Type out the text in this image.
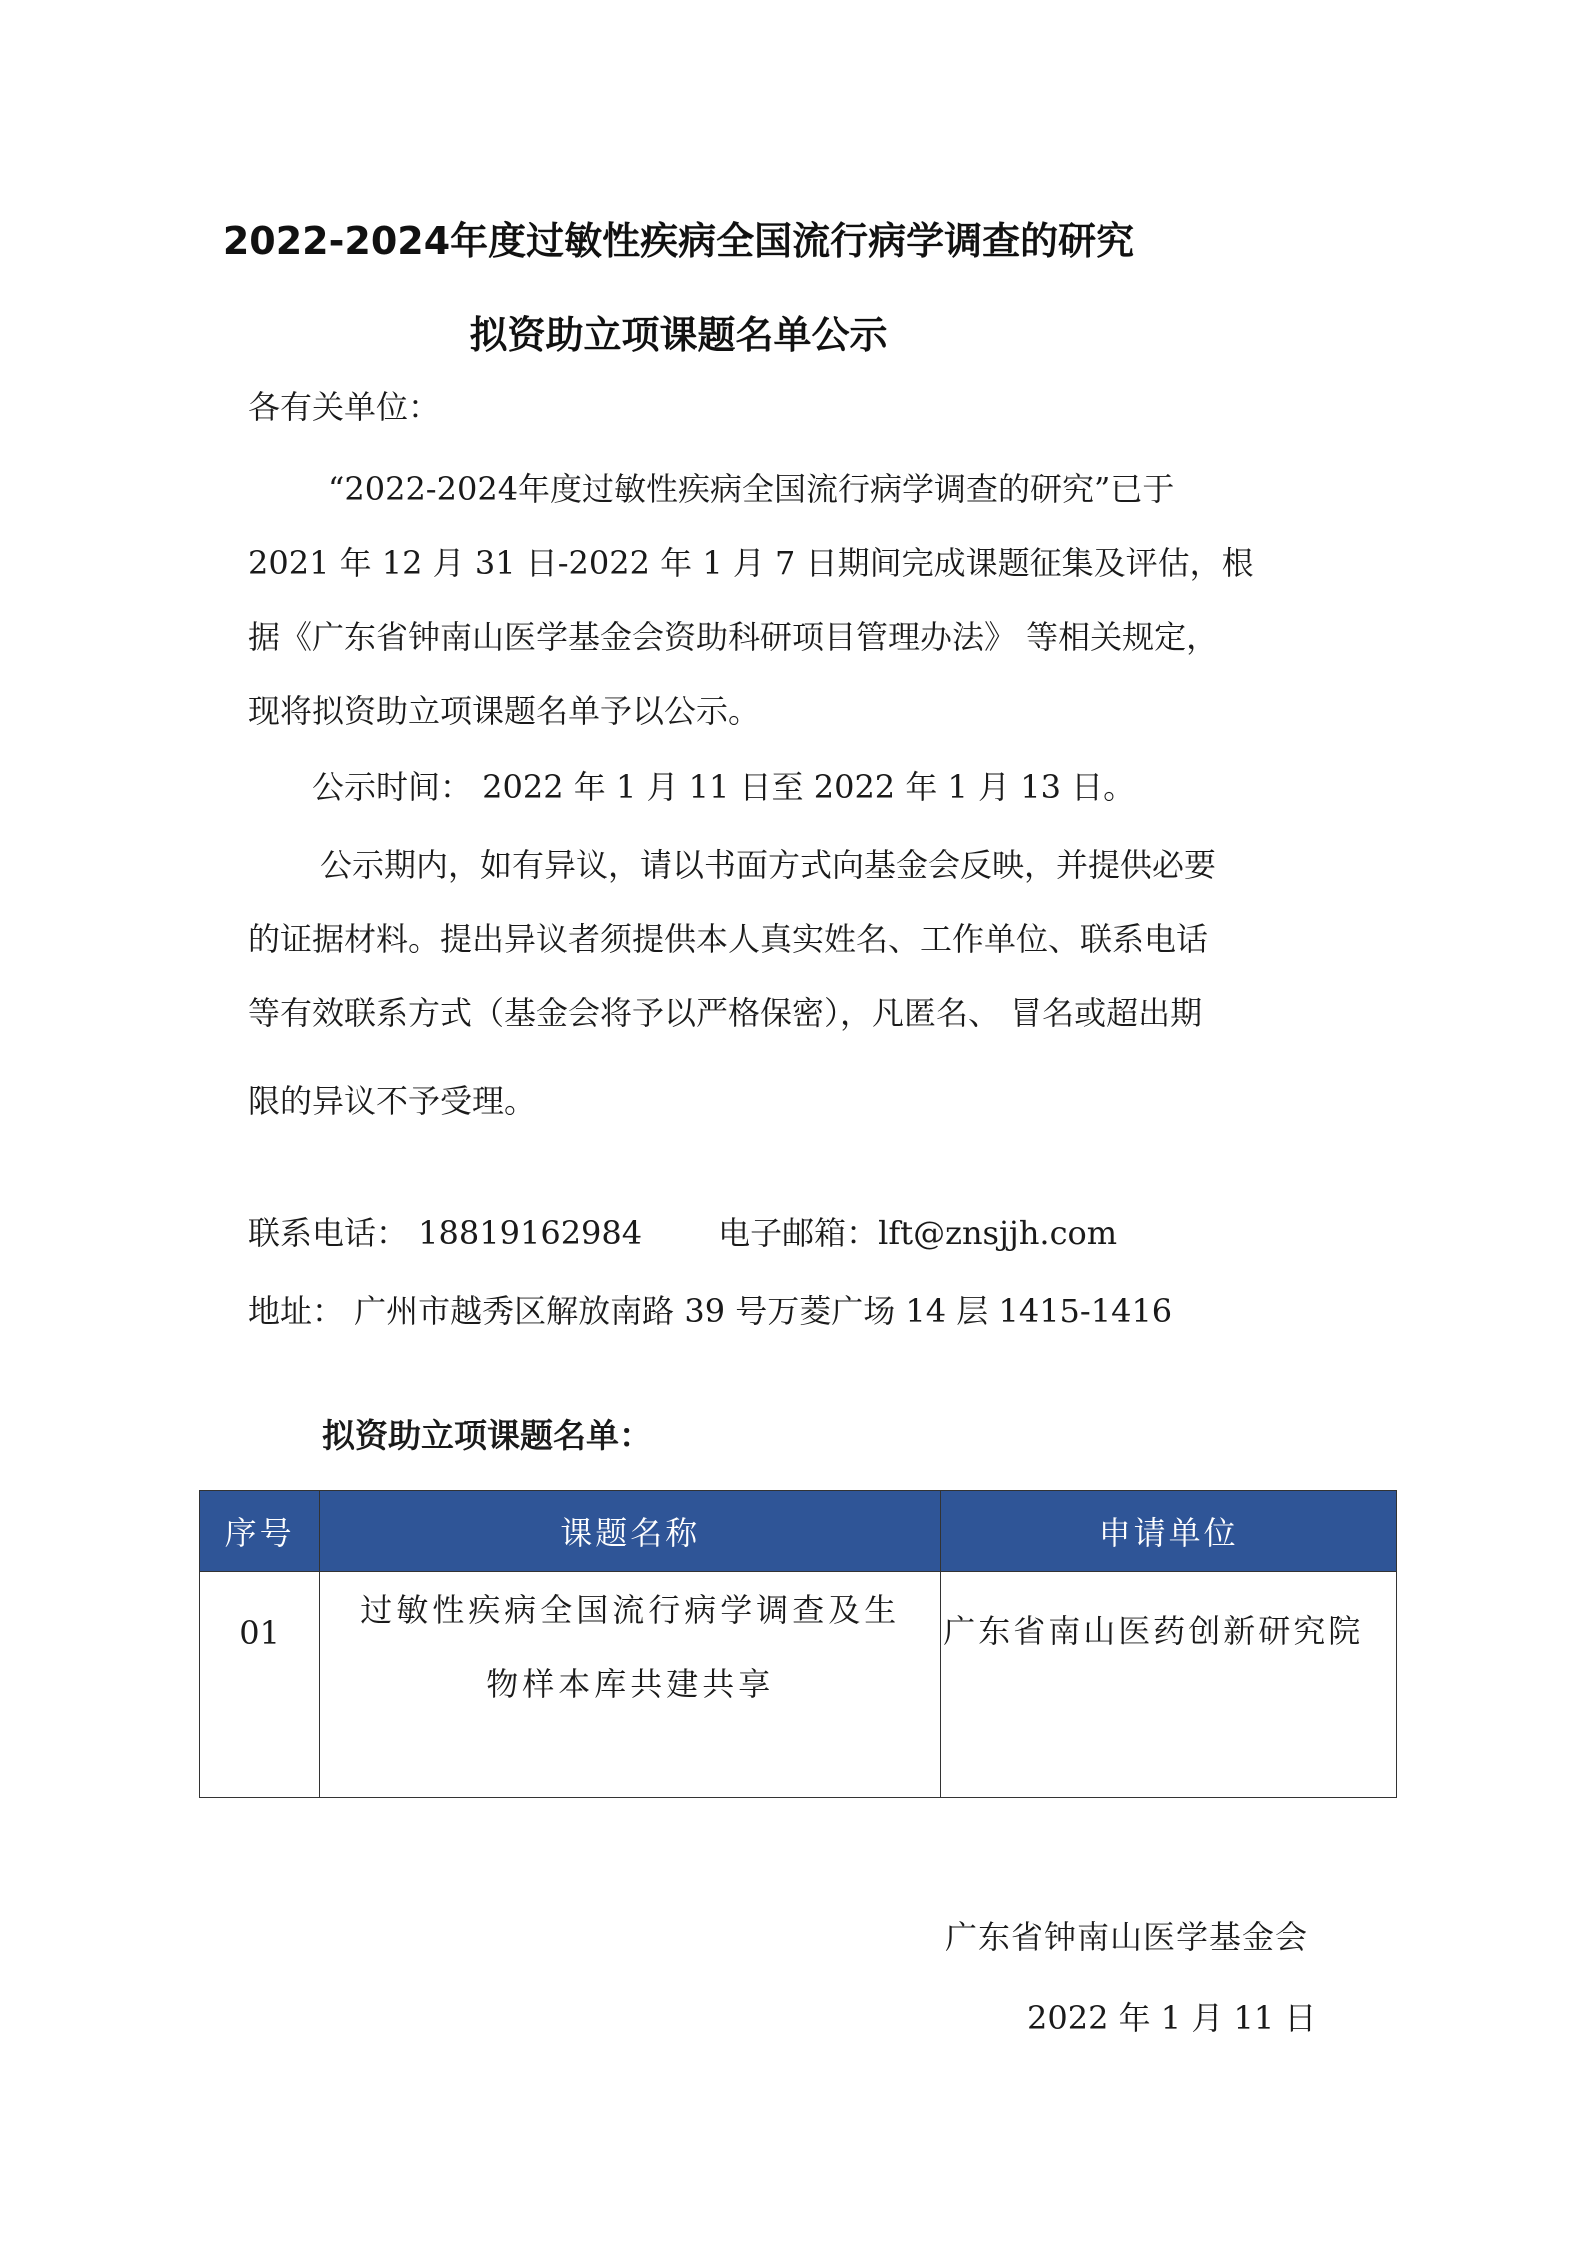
2022-2024年度过敏性疾病全国流行病学调查的研究
拟资助立项课题名单公示
各有关单位：
“2022-2024年度过敏性疾病全国流行病学调查的研究”已于
2021 年 12 月 31 日-2022 年 1 月 7 日期间完成课题征集及评估，根
据《广东省钟南山医学基金会资助科研项目管理办法》 等相关规定，
现将拟资助立项课题名单予以公示。
公示时间： 2022 年 1 月 11 日至 2022 年 1 月 13 日。
公示期内，如有异议，请以书面方式向基金会反映，并提供必要
的证据材料。提出异议者须提供本人真实姓名、工作单位、联系电话
等有效联系方式（基金会将予以严格保密），凡匿名、 冒名或超出期
限的异议不予受理。
联系电话： 18819162984 电子邮箱：lft@znsjjh.com
地址： 广州市越秀区解放南路 39 号万菱广场 14 层 1415-1416
拟资助立项课题名单：
序号	课题名称	申请单位

01	过敏性疾病全国流行病学调查及生
物样本库共建共享	广东省南山医药创新研究院
广东省钟南山医学基金会
2022 年 1 月 11 日
